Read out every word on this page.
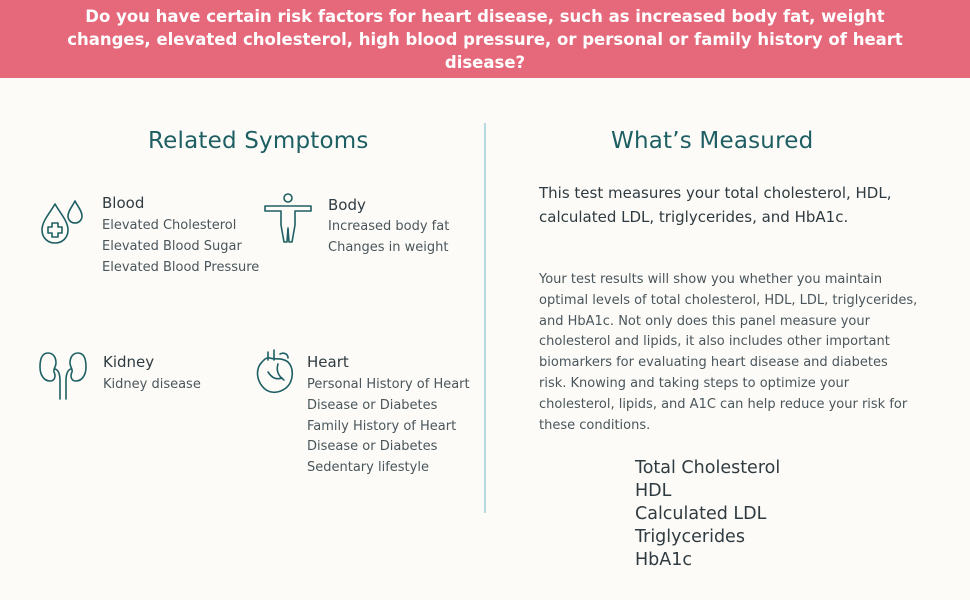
Do you have certain risk factors for heart disease, such as increased body fat, weight changes, elevated cholesterol, high blood pressure, or personal or family history of heart disease?

Related Symptoms	What’s Measured
Blood
Elevated Cholesterol
Elevated Blood Sugar
Elevated Blood Pressure
Body
Increased body fat
Changes in weight
Kidney
Kidney disease
Heart
Personal History of Heart
Disease or Diabetes
Family History of Heart
Disease or Diabetes
Sedentary lifestyle

This test measures your total cholesterol, HDL, calculated LDL, triglycerides, and HbA1c.

Your test results will show you whether you maintain optimal levels of total cholesterol, HDL, LDL, triglycerides, and HbA1c. Not only does this panel measure your cholesterol and lipids, it also includes other important biomarkers for evaluating heart disease and diabetes risk. Knowing and taking steps to optimize your cholesterol, lipids, and A1C can help reduce your risk for these conditions.

Total Cholesterol
HDL
Calculated LDL
Triglycerides
HbA1c
